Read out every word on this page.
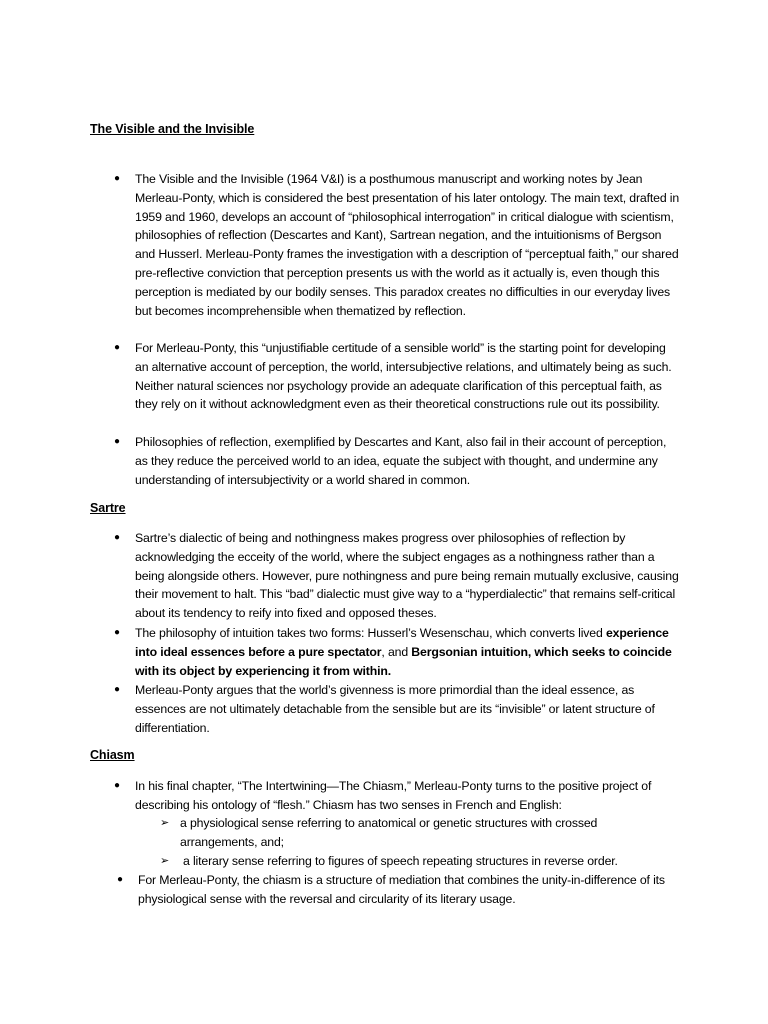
The Visible and the Invisible
● The Visible and the Invisible (1964 V&I) is a posthumous manuscript and working notes by Jean Merleau-Ponty, which is considered the best presentation of his later ontology. The main text, drafted in 1959 and 1960, develops an account of “philosophical interrogation” in critical dialogue with scientism, philosophies of reflection (Descartes and Kant), Sartrean negation, and the intuitionisms of Bergson and Husserl. Merleau-Ponty frames the investigation with a description of “perceptual faith,” our shared pre-reflective conviction that perception presents us with the world as it actually is, even though this perception is mediated by our bodily senses. This paradox creates no difficulties in our everyday lives but becomes incomprehensible when thematized by reflection.
● For Merleau-Ponty, this “unjustifiable certitude of a sensible world” is the starting point for developing an alternative account of perception, the world, intersubjective relations, and ultimately being as such. Neither natural sciences nor psychology provide an adequate clarification of this perceptual faith, as they rely on it without acknowledgment even as their theoretical constructions rule out its possibility.
● Philosophies of reflection, exemplified by Descartes and Kant, also fail in their account of perception, as they reduce the perceived world to an idea, equate the subject with thought, and undermine any understanding of intersubjectivity or a world shared in common.
Sartre
● Sartre’s dialectic of being and nothingness makes progress over philosophies of reflection by acknowledging the ecceity of the world, where the subject engages as a nothingness rather than a being alongside others. However, pure nothingness and pure being remain mutually exclusive, causing their movement to halt. This “bad” dialectic must give way to a “hyperdialectic” that remains self-critical about its tendency to reify into fixed and opposed theses.
● The philosophy of intuition takes two forms: Husserl’s Wesenschau, which converts lived experience into ideal essences before a pure spectator, and Bergsonian intuition, which seeks to coincide with its object by experiencing it from within.
● Merleau-Ponty argues that the world’s givenness is more primordial than the ideal essence, as essences are not ultimately detachable from the sensible but are its “invisible” or latent structure of differentiation.
Chiasm
● In his final chapter, “The Intertwining—The Chiasm,” Merleau-Ponty turns to the positive project of describing his ontology of “flesh.” Chiasm has two senses in French and English:
➢ a physiological sense referring to anatomical or genetic structures with crossed arrangements, and;
➢ a literary sense referring to figures of speech repeating structures in reverse order.
● For Merleau-Ponty, the chiasm is a structure of mediation that combines the unity-in-difference of its physiological sense with the reversal and circularity of its literary usage.
